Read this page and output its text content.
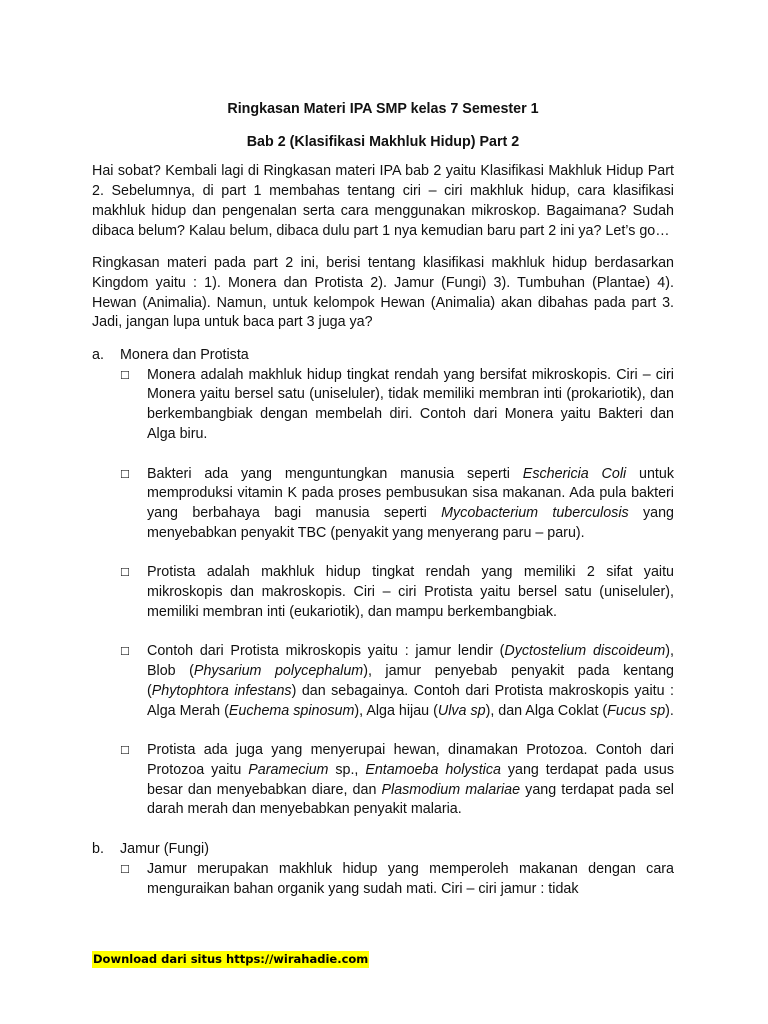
Ringkasan Materi IPA SMP kelas 7 Semester 1

Bab 2 (Klasifikasi Makhluk Hidup) Part 2

Hai sobat? Kembali lagi di Ringkasan materi IPA bab 2 yaitu Klasifikasi Makhluk Hidup Part 2. Sebelumnya, di part 1 membahas tentang ciri – ciri makhluk hidup, cara klasifikasi makhluk hidup dan pengenalan serta cara menggunakan mikroskop. Bagaimana? Sudah dibaca belum? Kalau belum, dibaca dulu part 1 nya kemudian baru part 2 ini ya? Let’s go…

Ringkasan materi pada part 2 ini, berisi tentang klasifikasi makhluk hidup berdasarkan Kingdom yaitu : 1). Monera dan Protista 2). Jamur (Fungi) 3). Tumbuhan (Plantae) 4). Hewan (Animalia). Namun, untuk kelompok Hewan (Animalia) akan dibahas pada part 3. Jadi, jangan lupa untuk baca part 3 juga ya?

a.	Monera dan Protista
☐	Monera adalah makhluk hidup tingkat rendah yang bersifat mikroskopis. Ciri – ciri Monera yaitu bersel satu (uniseluler), tidak memiliki membran inti (prokariotik), dan berkembangbiak dengan membelah diri. Contoh dari Monera yaitu Bakteri dan Alga biru.
☐	Bakteri ada yang menguntungkan manusia seperti Eschericia Coli untuk memproduksi vitamin K pada proses pembusukan sisa makanan. Ada pula bakteri yang berbahaya bagi manusia seperti Mycobacterium tuberculosis yang menyebabkan penyakit TBC (penyakit yang menyerang paru – paru).
☐	Protista adalah makhluk hidup tingkat rendah yang memiliki 2 sifat yaitu mikroskopis dan makroskopis. Ciri – ciri Protista yaitu bersel satu (uniseluler), memiliki membran inti (eukariotik), dan mampu berkembangbiak.
☐	Contoh dari Protista mikroskopis yaitu : jamur lendir (Dyctostelium discoideum), Blob (Physarium polycephalum), jamur penyebab penyakit pada kentang (Phytophtora infestans) dan sebagainya. Contoh dari Protista makroskopis yaitu : Alga Merah (Euchema spinosum), Alga hijau (Ulva sp), dan Alga Coklat (Fucus sp).
☐	Protista ada juga yang menyerupai hewan, dinamakan Protozoa. Contoh dari Protozoa yaitu Paramecium sp., Entamoeba holystica yang terdapat pada usus besar dan menyebabkan diare, dan Plasmodium malariae yang terdapat pada sel darah merah dan menyebabkan penyakit malaria.
b.	Jamur (Fungi)
☐	Jamur merupakan makhluk hidup yang memperoleh makanan dengan cara menguraikan bahan organik yang sudah mati. Ciri – ciri jamur : tidak
Download dari situs https://wirahadie.com
